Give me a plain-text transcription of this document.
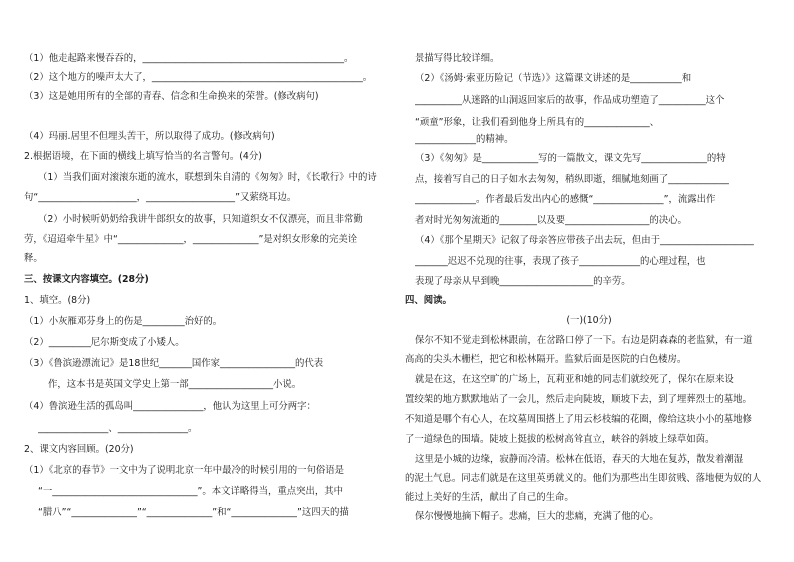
（1）他走起路来慢吞吞的，___________________________________________。
（2）这个地方的噪声太大了，_____________________________________________。
（3）这是她用所有的全部的青春、信念和生命换来的荣誉。(修改病句)
（4）玛丽.居里不但埋头苦干，所以取得了成功。(修改病句)
2.根据语境，在下面的横线上填写恰当的名言警句。(4分)
（1）当我们面对滚滚东逝的流水，联想到朱自清的《匆匆》时，《长歌行》中的诗
句“_____________________，___________________”又萦绕耳边。
（2）小时候听奶奶给我讲牛郎织女的故事，只知道织女不仅漂亮，而且非常勤
劳，《迢迢牵牛星》中“______________，______________”是对织女形象的完美诠
释。
三、按课文内容填空。(28分)
1、填空。(8分)
（1）小灰雁邓芬身上的伤是_________治好的。
（2）_________尼尔斯变成了小矮人。
（3）《鲁滨逊漂流记》是18世纪_______国作家________________的代表
作，这本书是英国文学史上第一部__________________小说。
（4）鲁滨逊生活的孤岛叫_______________，他认为这里上可分两字：
_______________、_______________。
2、课文内容回顾。(20分)
（1）《北京的春节》一文中为了说明北京一年中最冷的时候引用的一句俗语是
“一_______________________________”。本文详略得当，重点突出，其中
“腊八”“______________”“______________”和“______________”这四天的描
景描写得比较详细。
（2）《汤姆·索亚历险记（节选）》这篇课文讲述的是___________和
__________从迷路的山洞返回家后的故事，作品成功塑造了__________这个
“顽童”形象，让我们看到他身上所具有的______________、
_____________的精神。
（3）《匆匆》是____________写的一篇散文，课文先写______________的特
点，接着写自己的日子如水去匆匆，稍纵即逝，细腻地刻画了_____________
_____________。作者最后发出内心的感慨“_______________”，流露出作
者对时光匆匆流逝的________以及要__________________的决心。
（4）《那个星期天》记叙了母亲答应带孩子出去玩，但由于____________________
_______迟迟不兑现的往事，表现了孩子_____________的心理过程，也
表现了母亲从早到晚____________________的辛劳。
四、阅读。
(一)(10分)
保尔不知不觉走到松林跟前，在岔路口停了一下。右边是阴森森的老监狱，有一道
高高的尖头木栅栏，把它和松林隔开。监狱后面是医院的白色楼房。
就是在这，在这空旷的广场上，瓦莉亚和她的同志们就绞死了，保尔在原来设
置绞架的地方默默地站了一会儿，然后走向陡坡，顺坡下去，到了埋葬烈士的墓地。
不知道是哪个有心人，在坟墓周围搭上了用云杉枝编的花圈，像给这块小小的墓地修
了一道绿色的围墙。陡坡上挺拔的松树高耸直立，峡谷的斜坡上绿草如茵。
这里是小城的边缘，寂静而冷清。松林在低语，春天的大地在复苏，散发着潮湿
的泥土气息。同志们就是在这里英勇就义的。他们为那些出生即贫贱、落地便为奴的人
能过上美好的生活，献出了自己的生命。
保尔慢慢地摘下帽子。悲痛，巨大的悲痛，充满了他的心。
